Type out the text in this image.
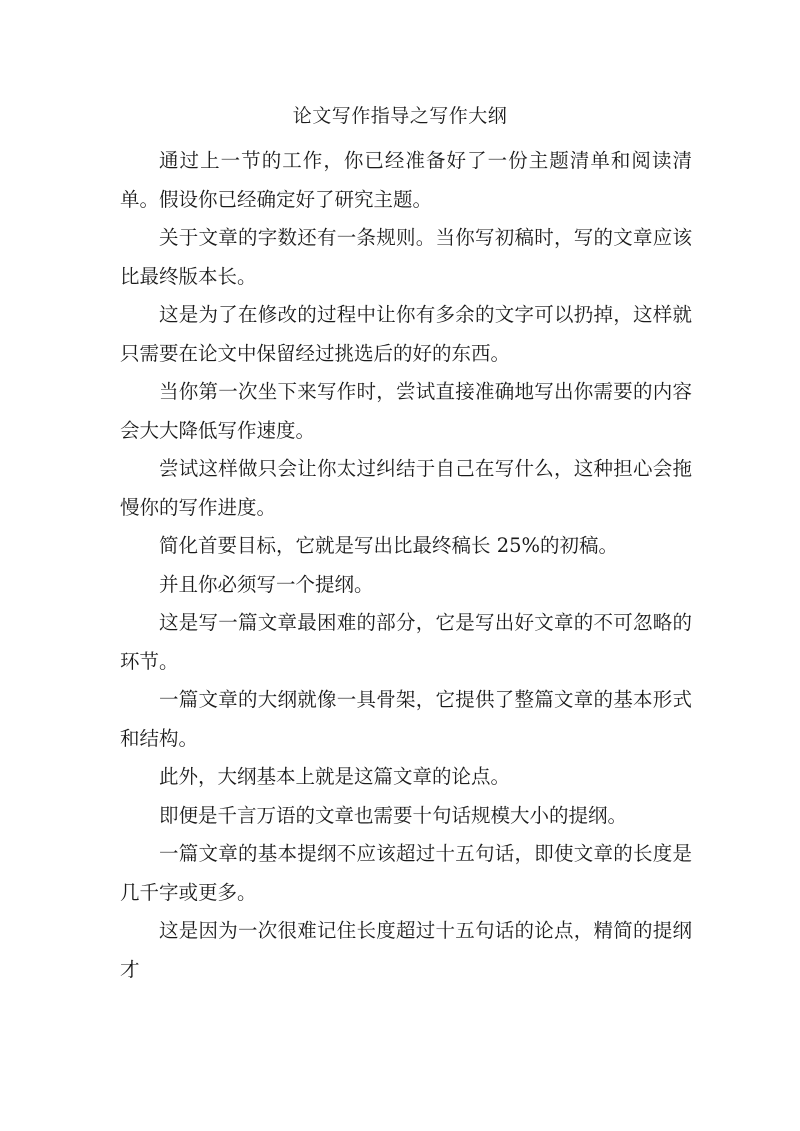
论文写作指导之写作大纲

通过上一节的工作，你已经准备好了一份主题清单和阅读清单。假设你已经确定好了研究主题。

关于文章的字数还有一条规则。当你写初稿时，写的文章应该比最终版本长。

这是为了在修改的过程中让你有多余的文字可以扔掉，这样就只需要在论文中保留经过挑选后的好的东西。

当你第一次坐下来写作时，尝试直接准确地写出你需要的内容会大大降低写作速度。

尝试这样做只会让你太过纠结于自己在写什么，这种担心会拖慢你的写作进度。

简化首要目标，它就是写出比最终稿长 25%的初稿。

并且你必须写一个提纲。

这是写一篇文章最困难的部分，它是写出好文章的不可忽略的环节。

一篇文章的大纲就像一具骨架，它提供了整篇文章的基本形式和结构。

此外，大纲基本上就是这篇文章的论点。

即便是千言万语的文章也需要十句话规模大小的提纲。

一篇文章的基本提纲不应该超过十五句话，即使文章的长度是几千字或更多。

这是因为一次很难记住长度超过十五句话的论点，精简的提纲才
